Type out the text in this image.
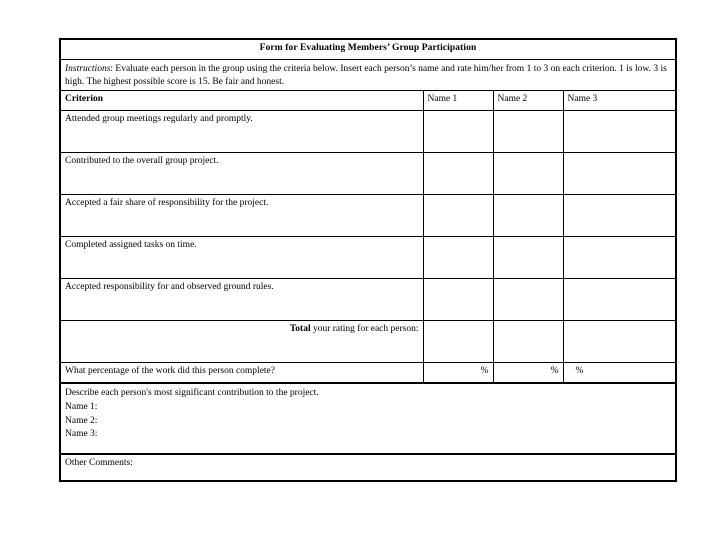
Form for Evaluating Members’ Group Participation			
Instructions: Evaluate each person in the group using the criteria below. Insert each person’s name and rate him/her from 1 to 3 on each criterion. 1 is low. 3 is high. The highest possible score is 15. Be fair and honest.			
Criterion	Name 1	Name 2	Name 3
Attended group meetings regularly and promptly.			
Contributed to the overall group project.			
Accepted a fair share of responsibility for the project.			
Completed assigned tasks on time.			
Accepted responsibility for and observed ground rules.			
Total your rating for each person:			
What percentage of the work did this person complete?	%	%	%

Describe each person's most significant contribution to the project.
Name 1:
Name 2:
Name 3:			

Other Comments:			
